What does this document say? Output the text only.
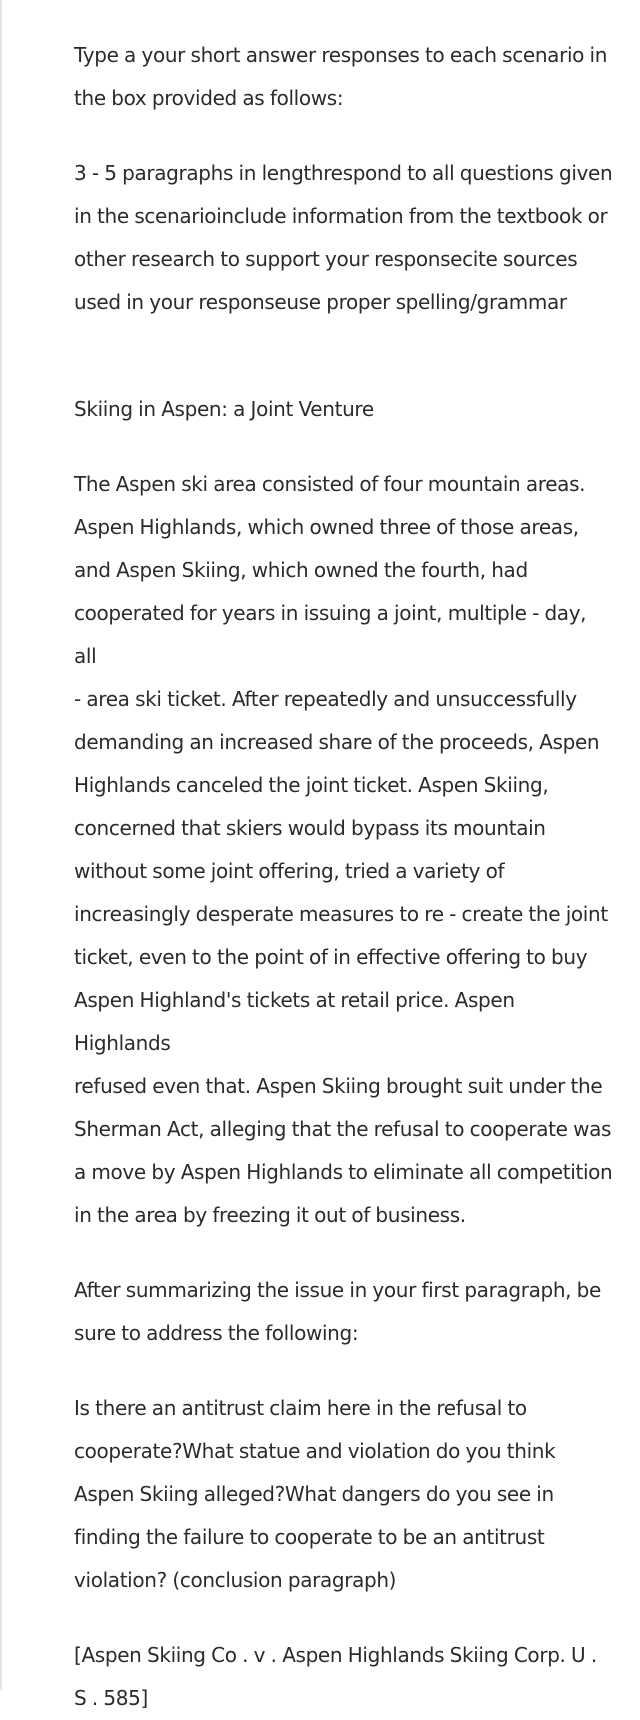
Type a your short answer responses to each scenario in
the box provided as follows:

3 - 5 paragraphs in lengthrespond to all questions given
in the scenarioinclude information from the textbook or
other research to support your responsecite sources
used in your responseuse proper spelling/grammar

Skiing in Aspen: a Joint Venture

The Aspen ski area consisted of four mountain areas.
Aspen Highlands, which owned three of those areas,
and Aspen Skiing, which owned the fourth, had
cooperated for years in issuing a joint, multiple - day, all
- area ski ticket. After repeatedly and unsuccessfully
demanding an increased share of the proceeds, Aspen
Highlands canceled the joint ticket. Aspen Skiing,
concerned that skiers would bypass its mountain
without some joint offering, tried a variety of
increasingly desperate measures to re - create the joint
ticket, even to the point of in effective offering to buy
Aspen Highland's tickets at retail price. Aspen Highlands
refused even that. Aspen Skiing brought suit under the
Sherman Act, alleging that the refusal to cooperate was
a move by Aspen Highlands to eliminate all competition
in the area by freezing it out of business.

After summarizing the issue in your first paragraph, be
sure to address the following:

Is there an antitrust claim here in the refusal to
cooperate?What statue and violation do you think
Aspen Skiing alleged?What dangers do you see in
finding the failure to cooperate to be an antitrust
violation? (conclusion paragraph)

[Aspen Skiing Co . v . Aspen Highlands Skiing Corp. U .
S . 585]
